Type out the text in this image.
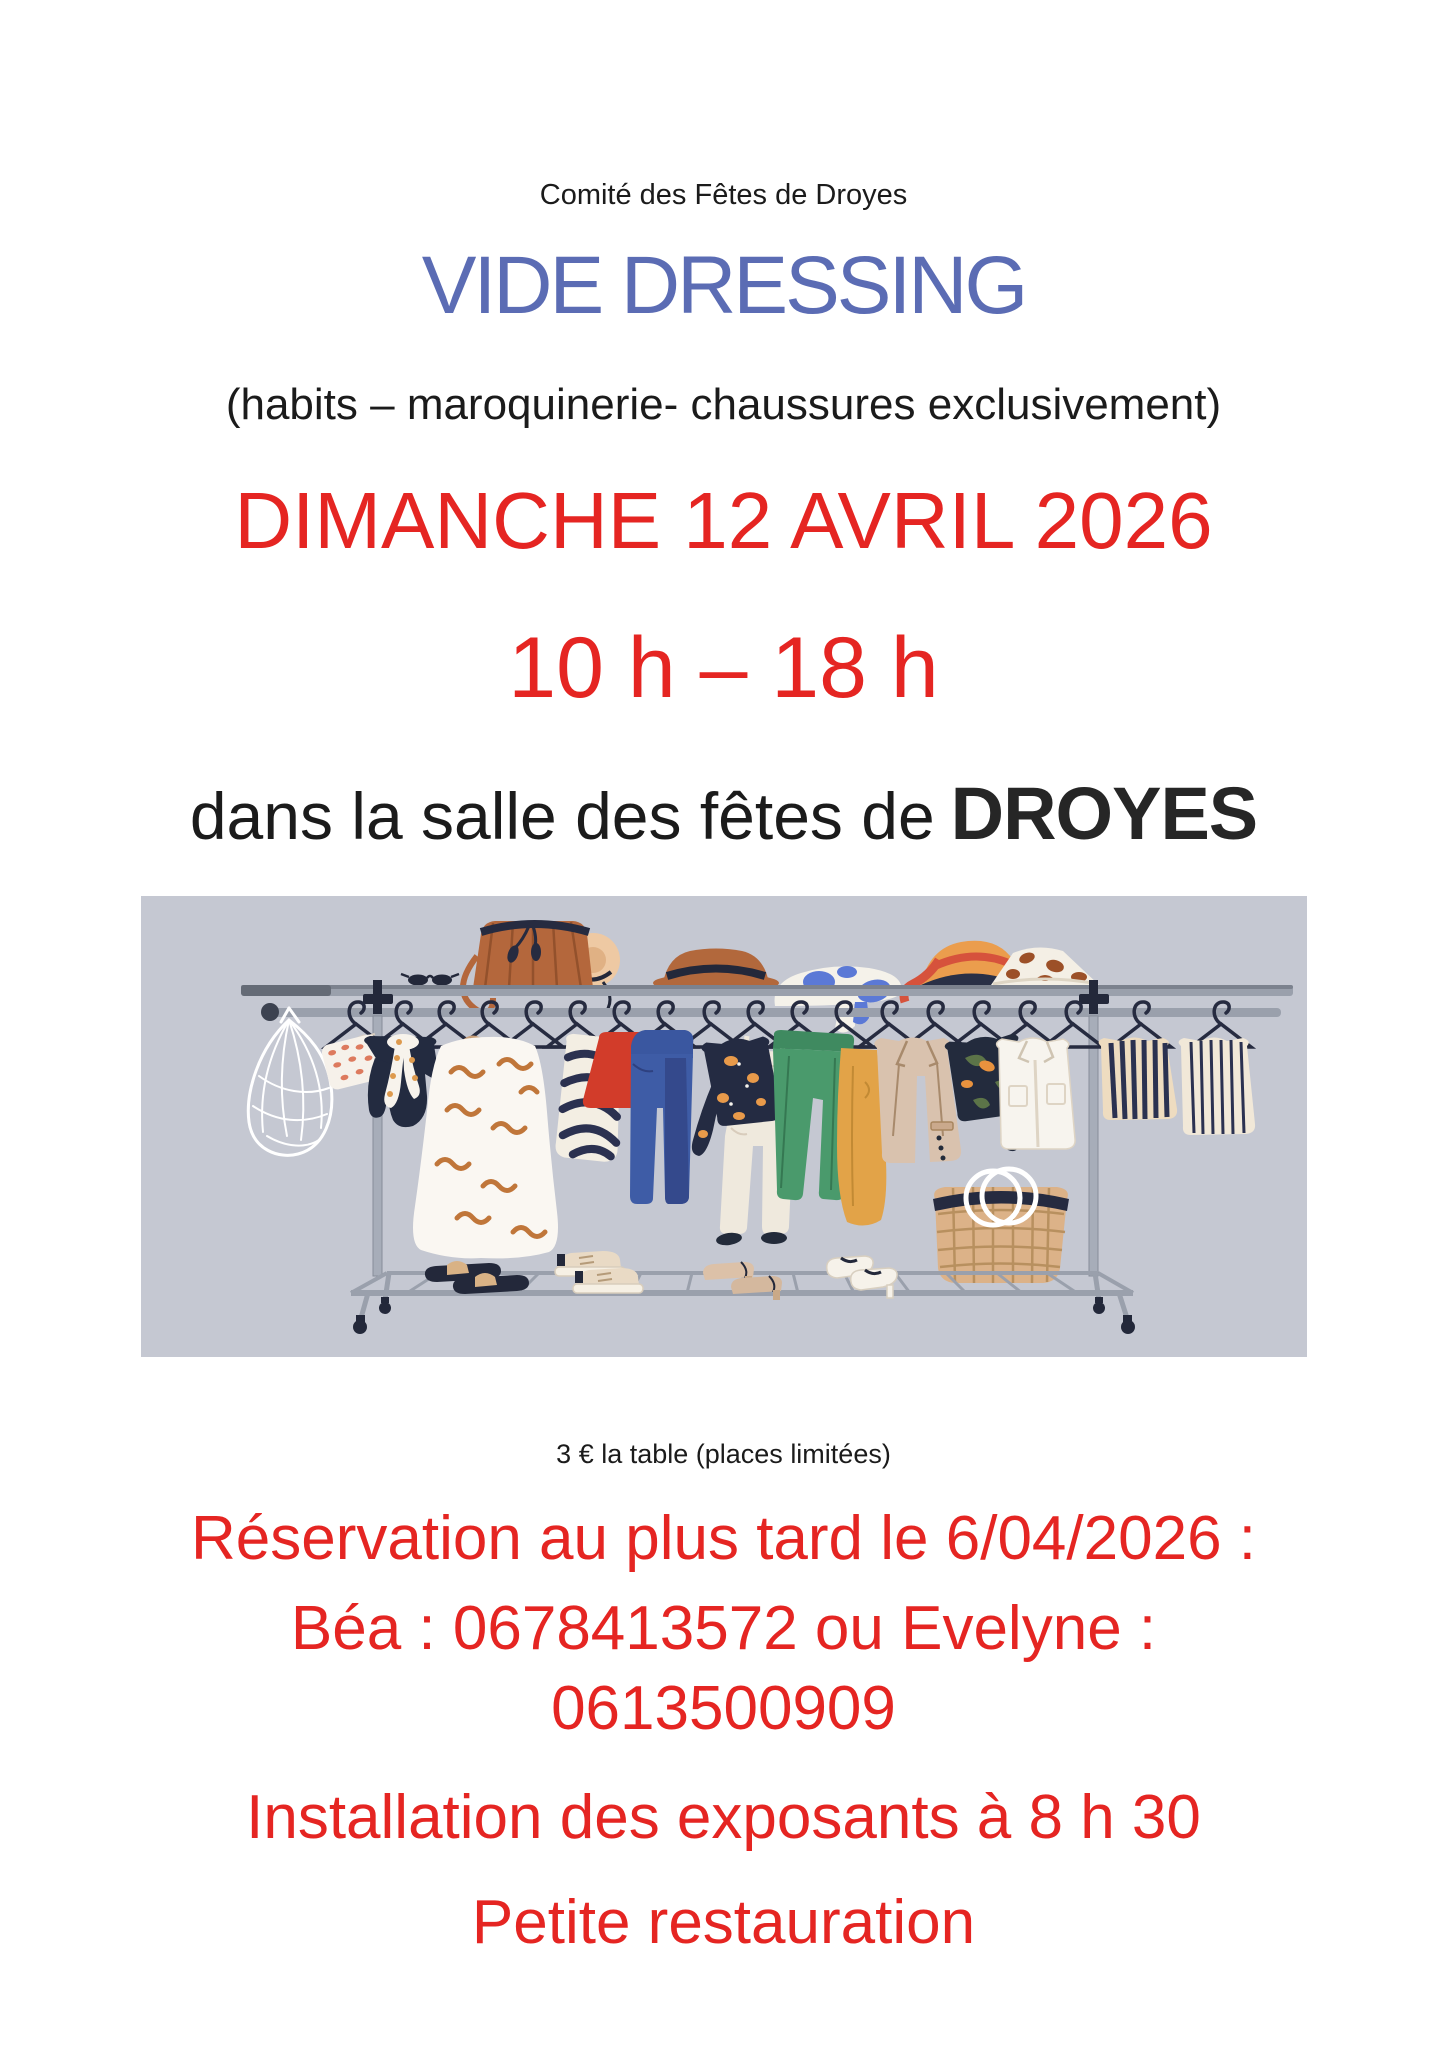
Comité des Fêtes de Droyes
VIDE DRESSING
(habits – maroquinerie- chaussures exclusivement)
DIMANCHE 12 AVRIL 2026
10 h – 18 h
dans la salle des fêtes de DROYES
3 € la table (places limitées)
Réservation au plus tard le 6/04/2026 :
Béa : 0678413572 ou Evelyne :
0613500909
Installation des exposants à 8 h 30
Petite restauration
